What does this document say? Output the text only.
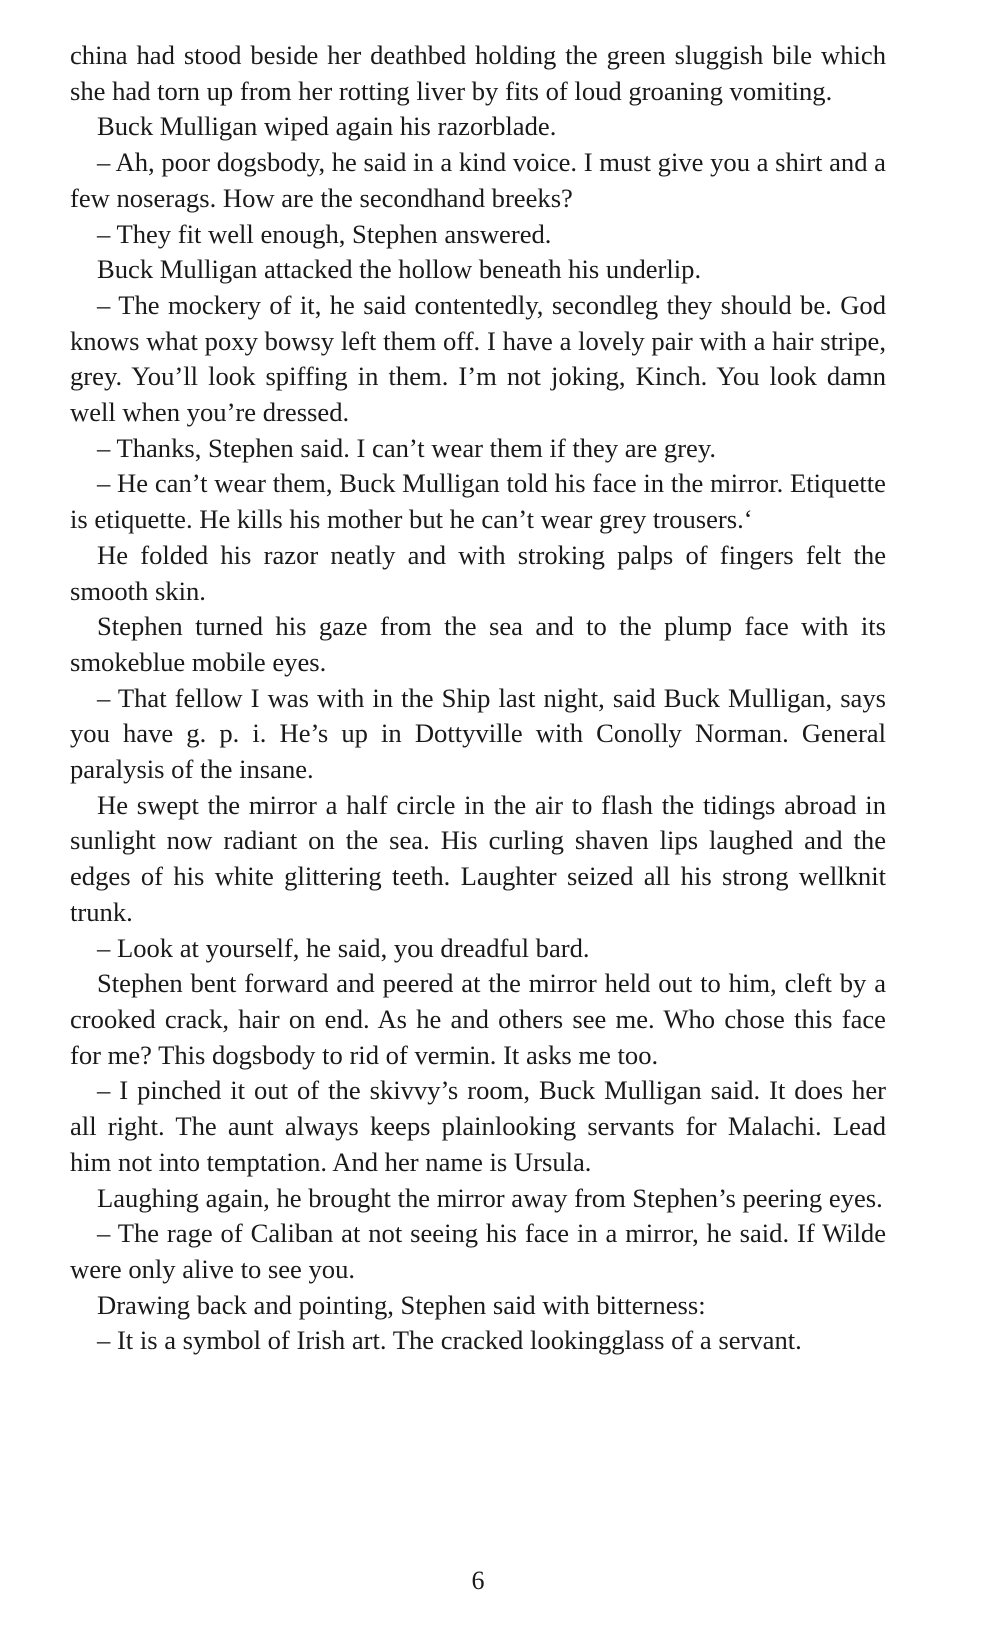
china had stood beside her deathbed holding the green sluggish bile which she had torn up from her rotting liver by fits of loud groaning vomiting.

Buck Mulligan wiped again his razorblade.

– Ah, poor dogsbody, he said in a kind voice. I must give you a shirt and a few noserags. How are the secondhand breeks?

– They fit well enough, Stephen answered.

Buck Mulligan attacked the hollow beneath his underlip.

– The mockery of it, he said contentedly, secondleg they should be. God knows what poxy bowsy left them off. I have a lovely pair with a hair stripe, grey. You’ll look spiffing in them. I’m not joking, Kinch. You look damn well when you’re dressed.

– Thanks, Stephen said. I can’t wear them if they are grey.

– He can’t wear them, Buck Mulligan told his face in the mirror. Etiquette is etiquette. He kills his mother but he can’t wear grey trousers.‘

He folded his razor neatly and with stroking palps of fingers felt the smooth skin.

Stephen turned his gaze from the sea and to the plump face with its smokeblue mobile eyes.

– That fellow I was with in the Ship last night, said Buck Mulligan, says you have g. p. i. He’s up in Dottyville with Conolly Norman. General paralysis of the insane.

He swept the mirror a half circle in the air to flash the tidings abroad in sunlight now radiant on the sea. His curling shaven lips laughed and the edges of his white glittering teeth. Laughter seized all his strong wellknit trunk.

– Look at yourself, he said, you dreadful bard.

Stephen bent forward and peered at the mirror held out to him, cleft by a crooked crack, hair on end. As he and others see me. Who chose this face for me? This dogsbody to rid of vermin. It asks me too.

– I pinched it out of the skivvy’s room, Buck Mulligan said. It does her all right. The aunt always keeps plainlooking servants for Malachi. Lead him not into temptation. And her name is Ursula.

Laughing again, he brought the mirror away from Stephen’s peering eyes.

– The rage of Caliban at not seeing his face in a mirror, he said. If Wilde were only alive to see you.

Drawing back and pointing, Stephen said with bitterness:

– It is a symbol of Irish art. The cracked lookingglass of a servant.

6
